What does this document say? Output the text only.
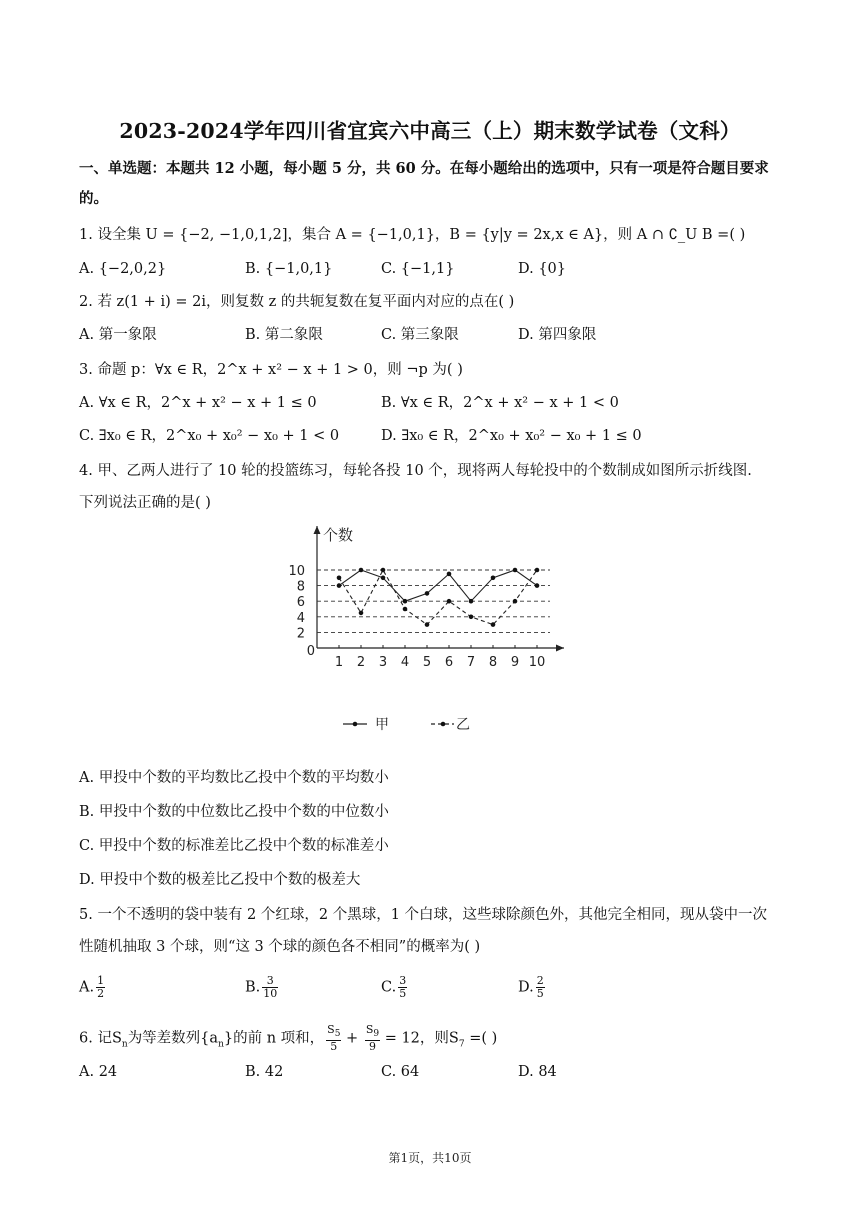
2023-2024学年四川省宜宾六中高三（上）期末数学试卷（文科）
一、单选题：本题共 12 小题，每小题 5 分，共 60 分。在每小题给出的选项中，只有一项是符合题目要求
的。
1. 设全集 U = {−2, −1,0,1,2]，集合 A = {−1,0,1}，B = {y|y = 2x,x ∈ A}，则 A ∩ ∁_U B =( )
A. {−2,0,2}	B. {−1,0,1}	C. {−1,1}	D. {0}
2. 若 z(1 + i) = 2i，则复数 z 的共轭复数在复平面内对应的点在( )
A. 第一象限	B. 第二象限	C. 第三象限	D. 第四象限
3. 命题 p：∀x ∈ R，2^x + x² − x + 1 > 0，则 ¬p 为( )
A. ∀x ∈ R，2^x + x² − x + 1 ≤ 0	B. ∀x ∈ R，2^x + x² − x + 1 < 0
C. ∃x₀ ∈ R，2^x₀ + x₀² − x₀ + 1 < 0	D. ∃x₀ ∈ R，2^x₀ + x₀² − x₀ + 1 ≤ 0
4. 甲、乙两人进行了 10 轮的投篮练习，每轮各投 10 个，现将两人每轮投中的个数制成如图所示折线图.
下列说法正确的是( )
个数
0
2
4
6
8
10
1 2 3 4 5 6 7 8 9 10
甲	乙
A. 甲投中个数的平均数比乙投中个数的平均数小
B. 甲投中个数的中位数比乙投中个数的中位数小
C. 甲投中个数的标准差比乙投中个数的标准差小
D. 甲投中个数的极差比乙投中个数的极差大
5. 一个不透明的袋中装有 2 个红球，2 个黑球，1 个白球，这些球除颜色外，其他完全相同，现从袋中一次
性随机抽取 3 个球，则“这 3 个球的颜色各不相同”的概率为( )
A. $\frac{1}{2}$	B. $\frac{3}{10}$	C. $\frac{3}{5}$	D. $\frac{2}{5}$
6. 记$S_n$为等差数列$\{a_n\}$的前 n 项和， $\frac{S_5}{5} + \frac{S_9}{9} = 12$，则$S_7$ =( )
A. 24	B. 42	C. 64	D. 84
第1页，共10页
